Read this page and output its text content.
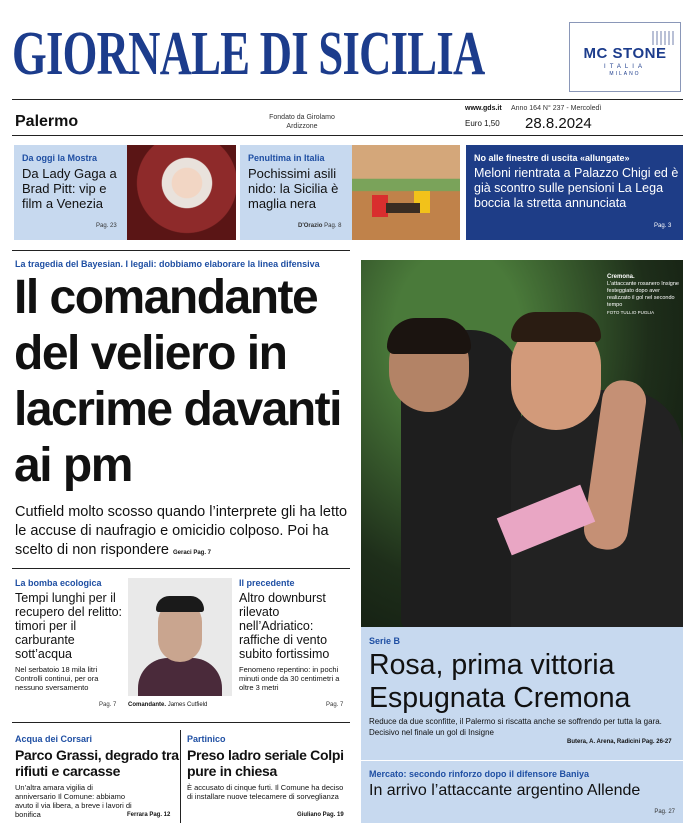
GIORNALE DI SICILIA	MC STONE
ITALIA
MILANO
Palermo	Fondato da Girolamo Ardizzone
www.gds.it Anno 164 N° 237 - Mercoledì
Euro 1,50 28.8.2024
Da oggi la Mostra
Da Lady Gaga a Brad Pitt: vip e film a Venezia
Pag. 23
Penultima in Italia
Pochissimi asili nido: la Sicilia è maglia nera
D'Orazio Pag. 8
No alle finestre di uscita «allungate»
Meloni rientrata a Palazzo Chigi ed è già scontro sulle pensioni La Lega boccia la stretta annunciata
Pag. 3
La tragedia del Bayesian. I legali: dobbiamo elaborare la linea difensiva
Il comandante del veliero in lacrime davanti ai pm
Cutfield molto scosso quando l’interprete gli ha letto le accuse di naufragio e omicidio colposo. Poi ha scelto di non rispondere Geraci Pag. 7
Cremona.
L'attaccante rosanero Insigne festeggiato dopo aver realizzato il gol nel secondo tempo
FOTO TULLIO PUGLIA
Serie B
Rosa, prima vittoria Espugnata Cremona
Reduce da due sconfitte, il Palermo si riscatta anche se soffrendo per tutta la gara. Decisivo nel finale un gol di Insigne
Butera, A. Arena, Radicini Pag. 26-27
Mercato: secondo rinforzo dopo il difensore Baniya
In arrivo l’attaccante argentino Allende
Pag. 27
La bomba ecologica
Tempi lunghi per il recupero del relitto: timori per il carburante sott’acqua
Nel serbatoio 18 mila litri Controlli continui, per ora nessuno sversamento
Pag. 7 Comandante. James Cutfield
Il precedente
Altro downburst rilevato nell’Adriatico: raffiche di vento subito fortissimo
Fenomeno repentino: in pochi minuti onde da 30 centimetri a oltre 3 metri
Pag. 7
Acqua dei Corsari
Parco Grassi, degrado tra rifiuti e carcasse
Un’altra amara vigilia di anniversario Il Comune: abbiamo avuto il via libera, a breve i lavori di bonifica	Ferrara Pag. 12
Partinico
Preso ladro seriale Colpi pure in chiesa
È accusato di cinque furti. Il Comune ha deciso di installare nuove telecamere di sorveglianza
Giuliano Pag. 19
